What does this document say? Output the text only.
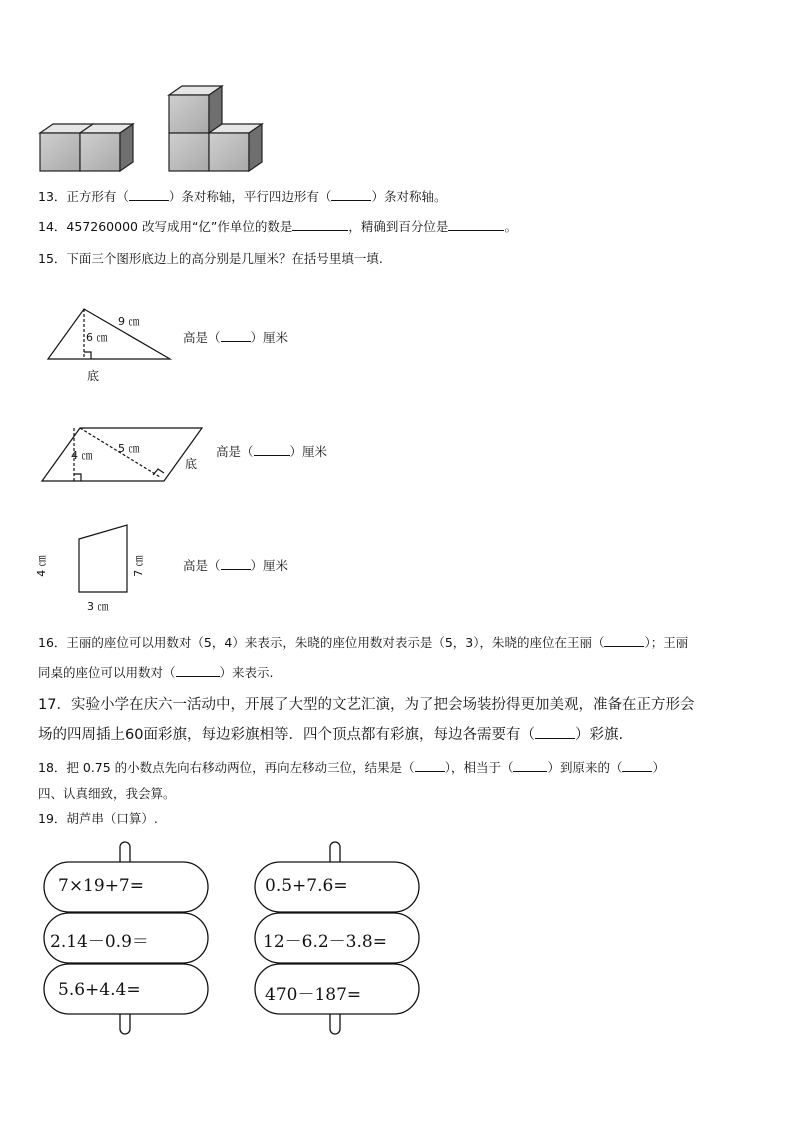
13．正方形有（	）条对称轴，平行四边形有（	）条对称轴。
14．457260000 改写成用“亿”作单位的数是	，精确到百分位是	。
15．下面三个图形底边上的高分别是几厘米？在括号里填一填.
9 ㎝
6 ㎝
底
高是（ ）厘米
5 ㎝
4 ㎝
底
高是（	）厘米
4 ㎝	7 ㎝
3 ㎝
高是（ ）厘米
16．王丽的座位可以用数对（5，4）来表示，朱晓的座位用数对表示是（5，3），朱晓的座位在王丽（	）；王丽
同桌的座位可以用数对（	）来表示.
17．实验小学在庆六一活动中，开展了大型的文艺汇演，为了把会场装扮得更加美观，准备在正方形会
场的四周插上60面彩旗，每边彩旗相等．四个顶点都有彩旗，每边各需要有（	）彩旗.
18．把 0.75 的小数点先向右移动两位，再向左移动三位，结果是（ ），相当于（	）到原来的（ ）
四、认真细致，我会算。
19．胡芦串（口算）.
7×19+7=
2.14－0.9＝
5.6+4.4=
0.5+7.6=
12－6.2－3.8=
470－187=
